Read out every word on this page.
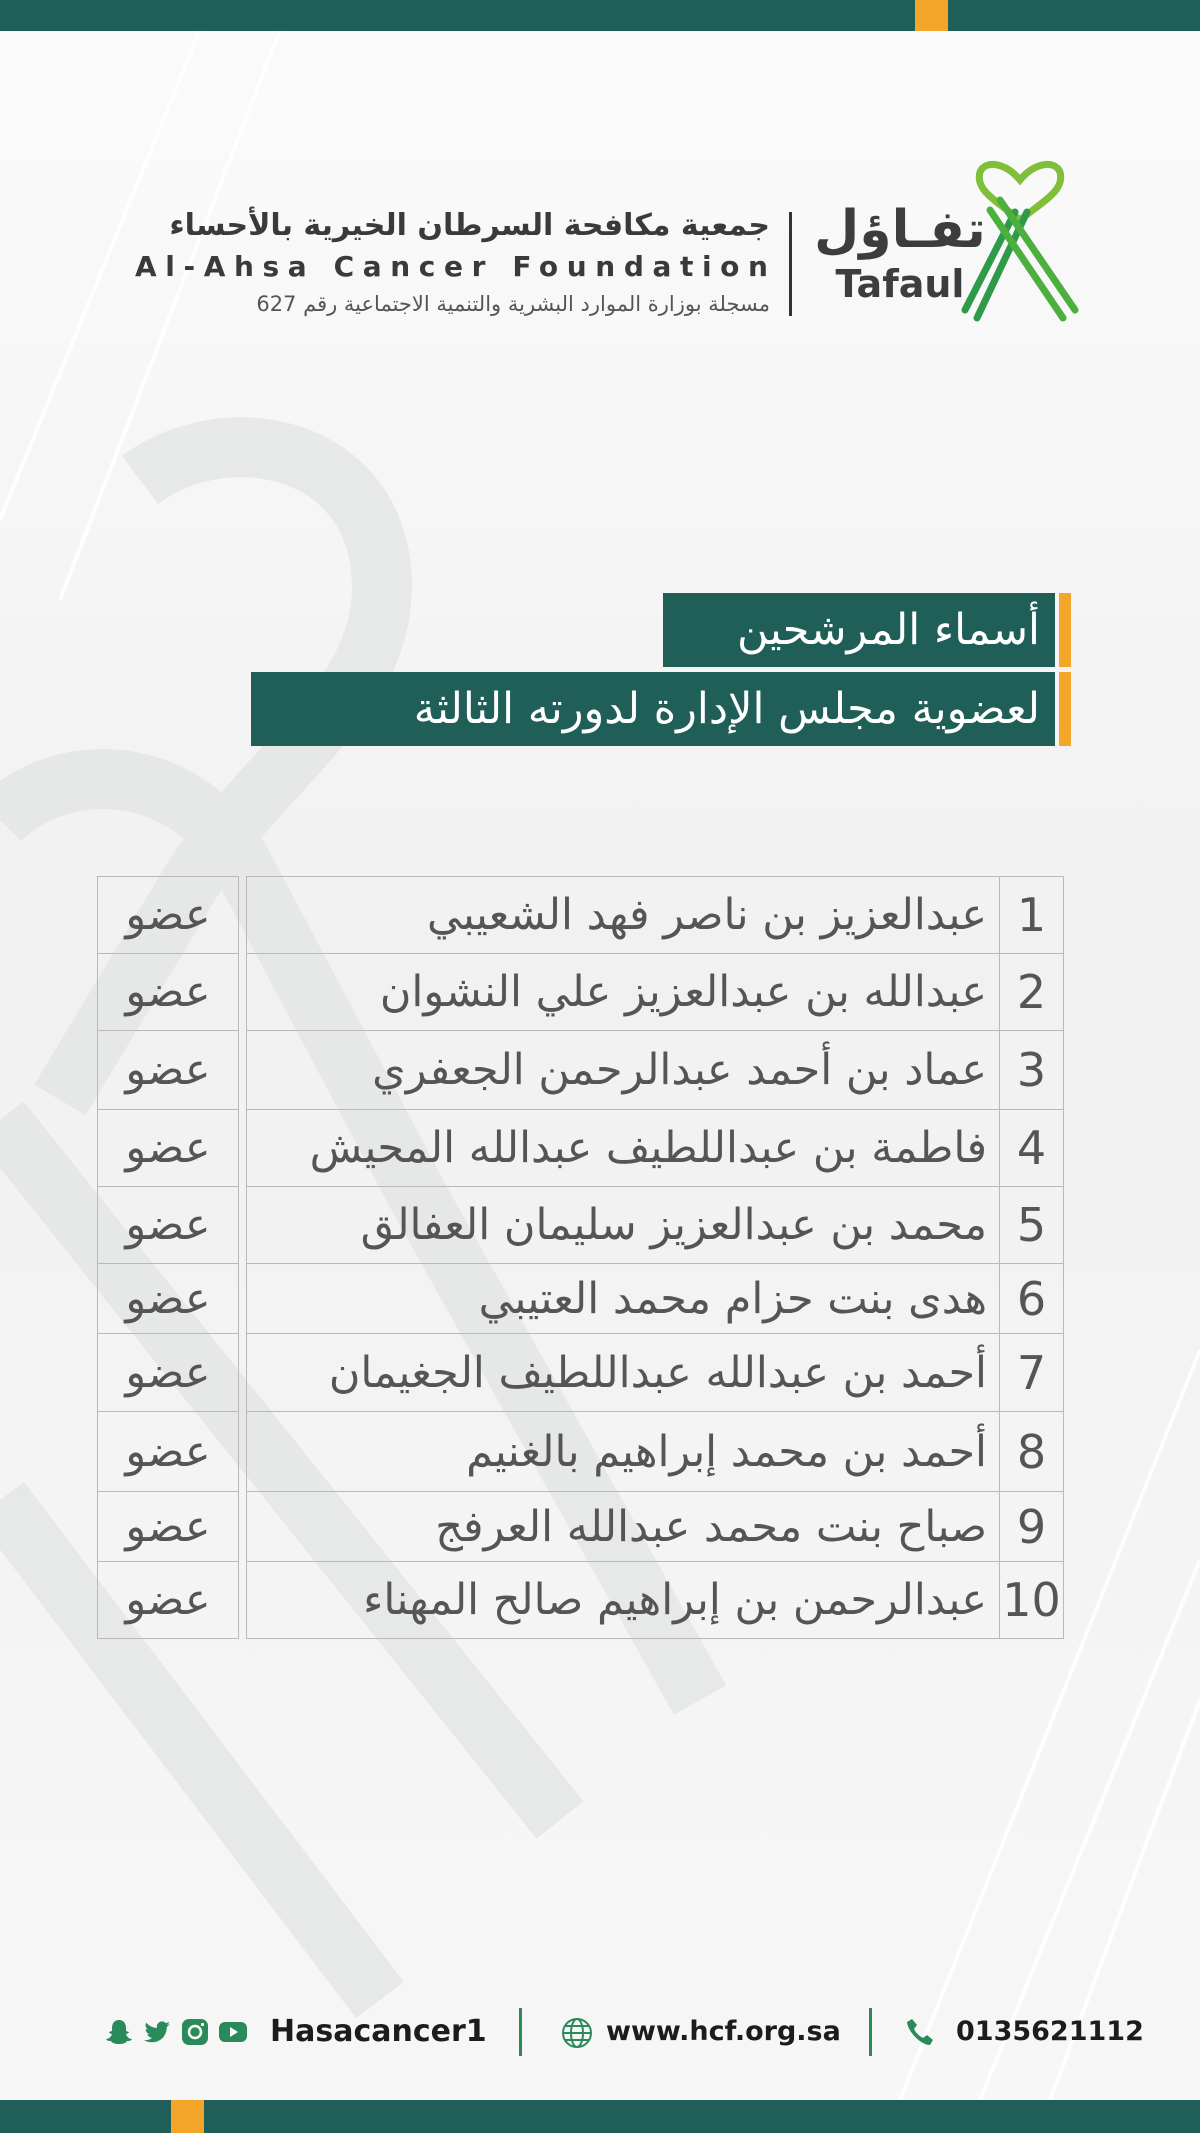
جمعية مكافحة السرطان الخيرية بالأحساء
Al-Ahsa Cancer Foundation
مسجلة بوزارة الموارد البشرية والتنمية الاجتماعية رقم 627
تفـاؤل
Tafaul
أسماء المرشحين
لعضوية مجلس الإدارة لدورته الثالثة
1
عبدالعزيز بن ناصر فهد الشعيبي
عضو
2
عبدالله بن عبدالعزيز علي النشوان
عضو
3
عماد بن أحمد عبدالرحمن الجعفري
عضو
4
فاطمة بن عبداللطيف عبدالله المحيش
عضو
5
محمد بن عبدالعزيز سليمان العفالق
عضو
6
هدى بنت حزام محمد العتيبي
عضو
7
أحمد بن عبدالله عبداللطيف الجغيمان
عضو
8
أحمد بن محمد إبراهيم بالغنيم
عضو
9
صباح بنت محمد عبدالله العرفج
عضو
10
عبدالرحمن بن إبراهيم صالح المهناء
عضو
Hasacancer1	www.hcf.org.sa	0135621112
